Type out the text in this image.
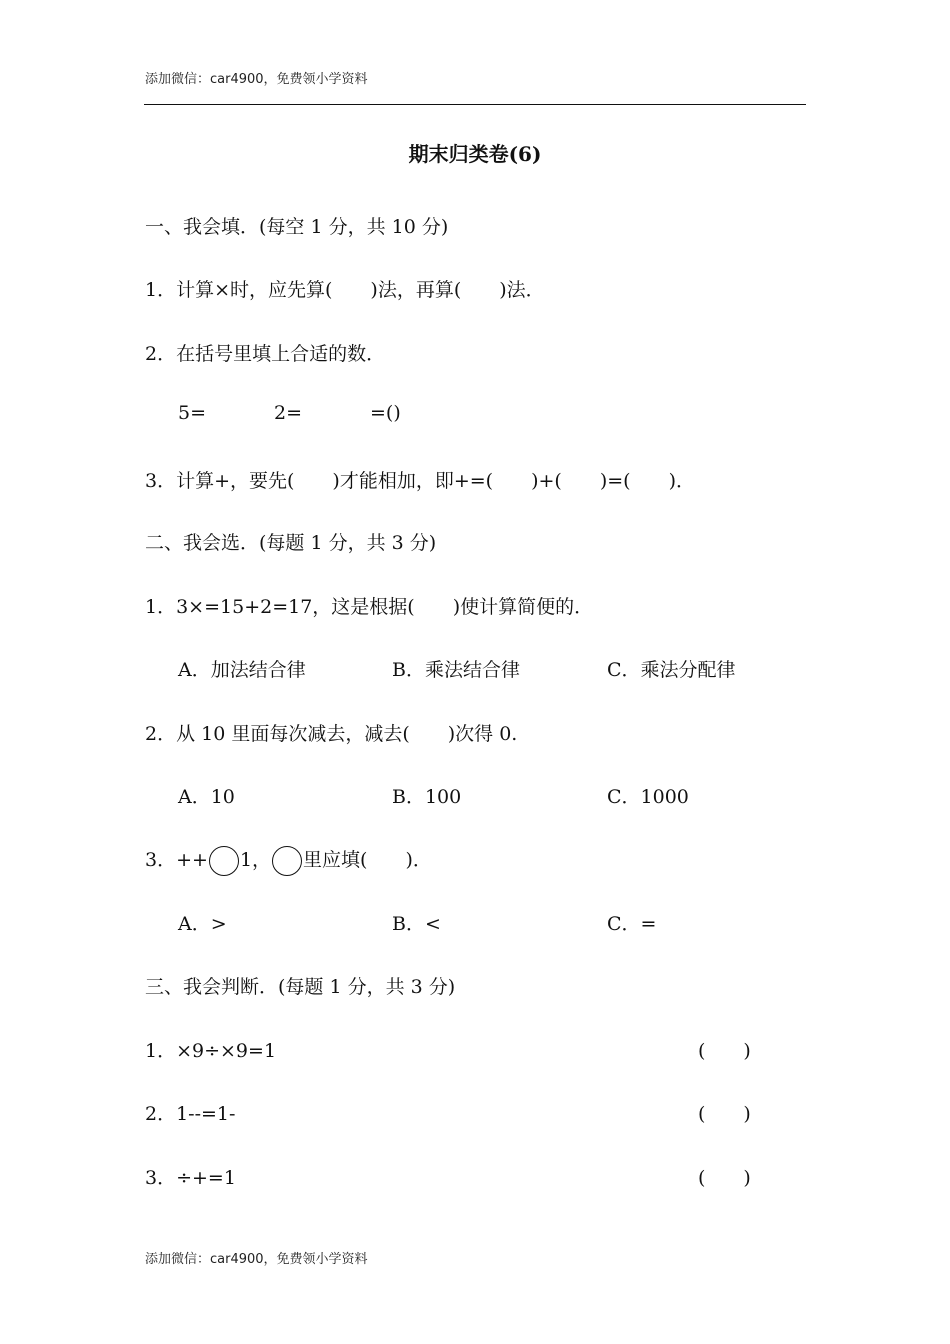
添加微信：car4900，免费领小学资料
期末归类卷(6)
一、我会填．(每空 1 分，共 10 分)
1．计算×时，应先算(　　)法，再算(　　)法．
2．在括号里填上合适的数．
5=	2=	=()
3．计算+，要先(　　)才能相加，即+=(　　)+(　　)=(　　)．
二、我会选．(每题 1 分，共 3 分)
1．3×=15+2=17，这是根据(　　)使计算简便的．
A．加法结合律	B．乘法结合律	C．乘法分配律
2．从 10 里面每次减去，减去(　　)次得 0.
A．10	B．100	C．1000
3．++ 1， 里应填(　　)．
A．>	B．<	C．=
三、我会判断．(每题 1 分，共 3 分)
1．×9÷×9=1	(　　)
2．1--=1-	(　　)
3．÷+=1	(　　)
添加微信：car4900，免费领小学资料
